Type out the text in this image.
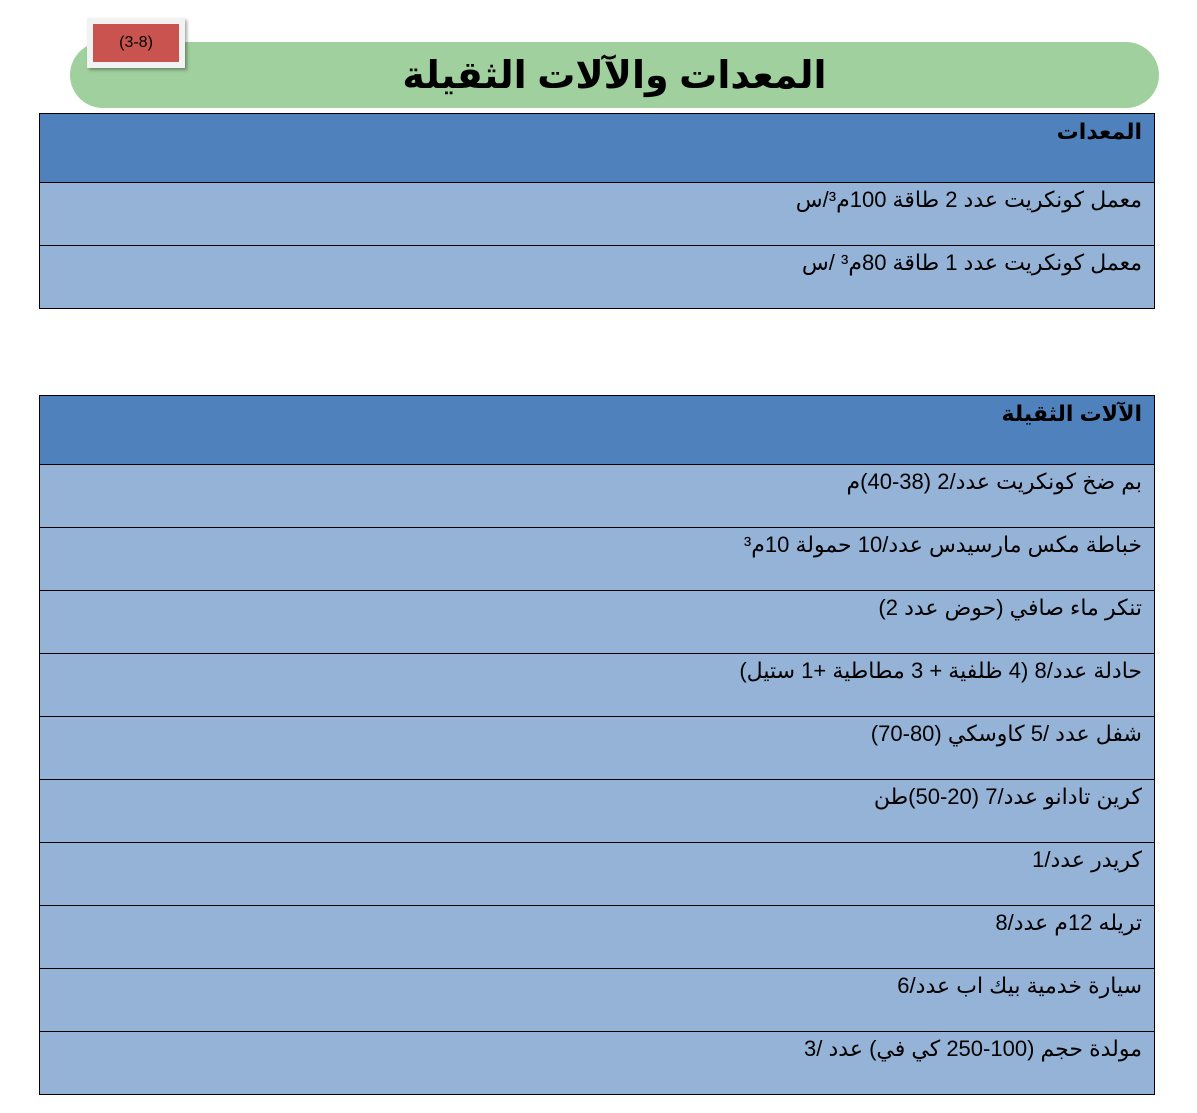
المعدات والآلات الثقيلة
(3-8)
المعدات
معمل كونكريت عدد 2 طاقة 100م³/س
معمل كونكريت عدد 1 طاقة 80م³ /س
الآلات الثقيلة
بم ضخ كونكريت عدد/2 (38-40)م
خباطة مكس مارسيدس عدد/10 حمولة 10م³
تنكر ماء صافي (حوض عدد 2)
حادلة عدد/8 (4 ظلفية + 3 مطاطية +1 ستيل)
شفل عدد /5 كاوسكي (80-70)
كرين تادانو عدد/7 (20-50)طن
كريدر عدد/1
تريله 12م عدد/8
سيارة خدمية بيك اب عدد/6
مولدة حجم (100-250 كي في) عدد /3
